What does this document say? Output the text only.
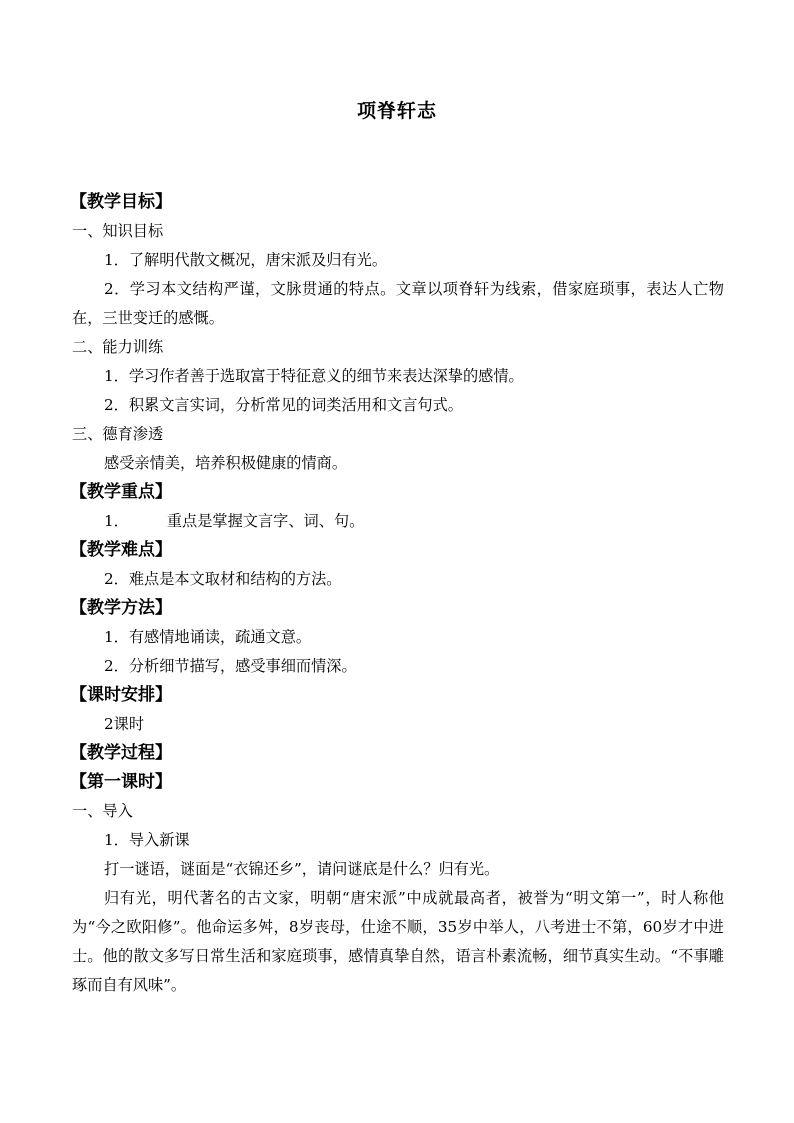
项脊轩志
【教学目标】
一、知识目标
1．了解明代散文概况，唐宋派及归有光。
2．学习本文结构严谨，文脉贯通的特点。文章以项脊轩为线索，借家庭琐事，表达人亡物在，三世变迁的感慨。
二、能力训练
1．学习作者善于选取富于特征意义的细节来表达深挚的感情。
2．积累文言实词，分析常见的词类活用和文言句式。
三、德育渗透
感受亲情美，培养积极健康的情商。
【教学重点】
1．	重点是掌握文言字、词、句。
【教学难点】
2．难点是本文取材和结构的方法。
【教学方法】
1．有感情地诵读，疏通文意。
2．分析细节描写，感受事细而情深。
【课时安排】
2课时
【教学过程】
【第一课时】
一、导入
1．导入新课
打一谜语，谜面是“衣锦还乡”，请问谜底是什么？归有光。
归有光，明代著名的古文家，明朝“唐宋派”中成就最高者，被誉为“明文第一”，时人称他为“今之欧阳修”。他命运多舛，8岁丧母，仕途不顺，35岁中举人，八考进士不第，60岁才中进士。他的散文多写日常生活和家庭琐事，感情真挚自然，语言朴素流畅，细节真实生动。“不事雕琢而自有风味”。
